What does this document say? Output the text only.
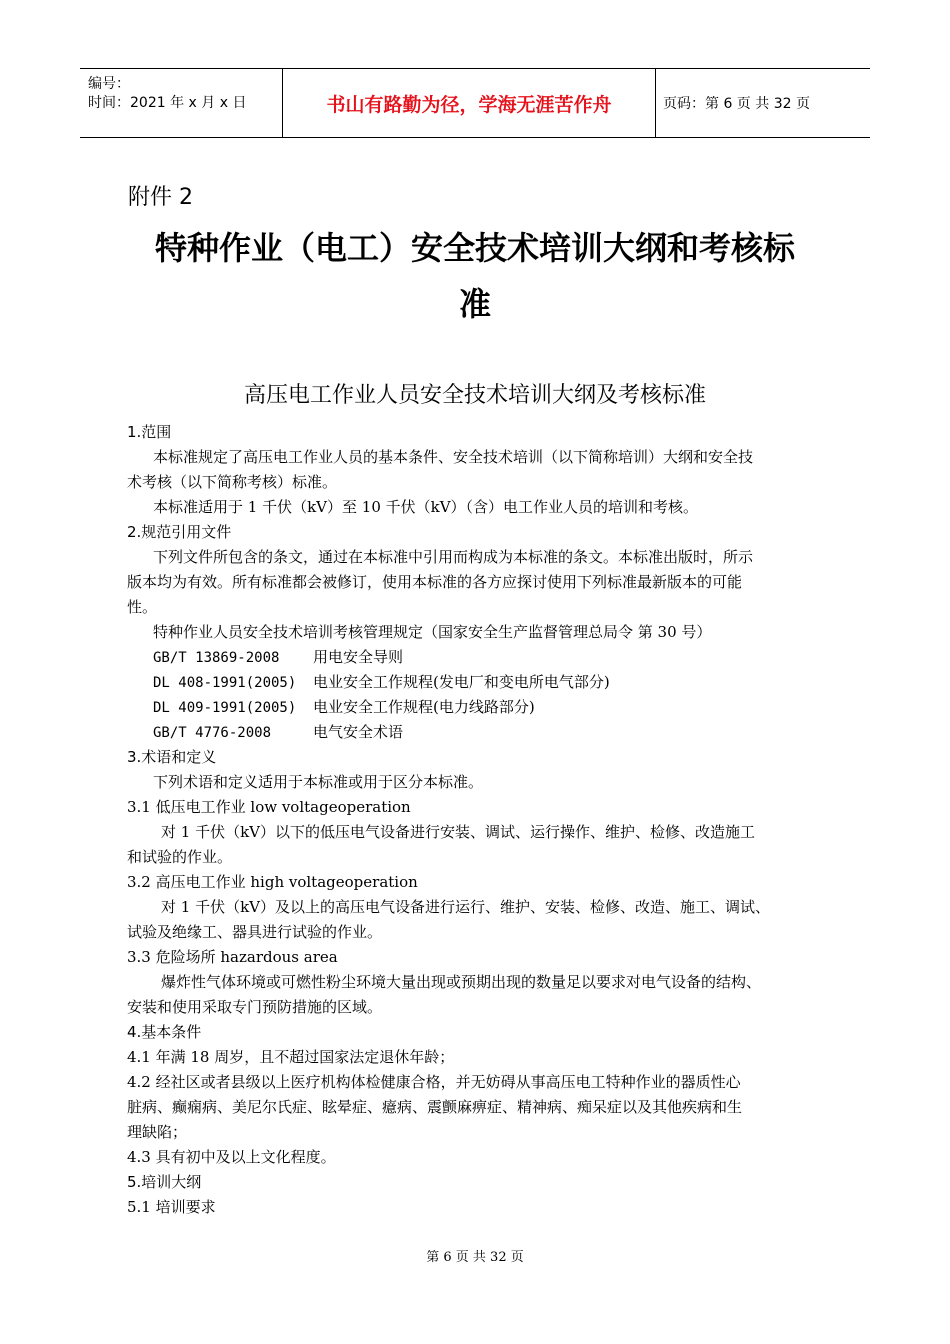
编号：
时间：2021 年 x 月 x 日	书山有路勤为径，学海无涯苦作舟	页码：第 6 页 共 32 页
附件 2
特种作业（电工）安全技术培训大纲和考核标
准
高压电工作业人员安全技术培训大纲及考核标准
1.范围
本标准规定了高压电工作业人员的基本条件、安全技术培训（以下简称培训）大纲和安全技
术考核（以下简称考核）标准。
本标准适用于 1 千伏（kV）至 10 千伏（kV）（含）电工作业人员的培训和考核。
2.规范引用文件
下列文件所包含的条文，通过在本标准中引用而构成为本标准的条文。本标准出版时，所示
版本均为有效。所有标准都会被修订，使用本标准的各方应探讨使用下列标准最新版本的可能
性。
特种作业人员安全技术培训考核管理规定（国家安全生产监督管理总局令 第 30 号）
GB/T 13869-2008 用电安全导则
DL 408-1991(2005) 电业安全工作规程(发电厂和变电所电气部分)
DL 409-1991(2005) 电业安全工作规程(电力线路部分)
GB/T 4776-2008	电气安全术语
3.术语和定义
下列术语和定义适用于本标准或用于区分本标准。
3.1 低压电工作业 low voltageoperation
对 1 千伏（kV）以下的低压电气设备进行安装、调试、运行操作、维护、检修、改造施工
和试验的作业。
3.2 高压电工作业 high voltageoperation
对 1 千伏（kV）及以上的高压电气设备进行运行、维护、安装、检修、改造、施工、调试、
试验及绝缘工、器具进行试验的作业。
3.3 危险场所 hazardous area
爆炸性气体环境或可燃性粉尘环境大量出现或预期出现的数量足以要求对电气设备的结构、
安装和使用采取专门预防措施的区域。
4.基本条件
4.1 年满 18 周岁，且不超过国家法定退休年龄；
4.2 经社区或者县级以上医疗机构体检健康合格，并无妨碍从事高压电工特种作业的器质性心
脏病、癫痫病、美尼尔氏症、眩晕症、癔病、震颤麻痹症、精神病、痴呆症以及其他疾病和生
理缺陷；
4.3 具有初中及以上文化程度。
5.培训大纲
5.1 培训要求
第 6 页 共 32 页
